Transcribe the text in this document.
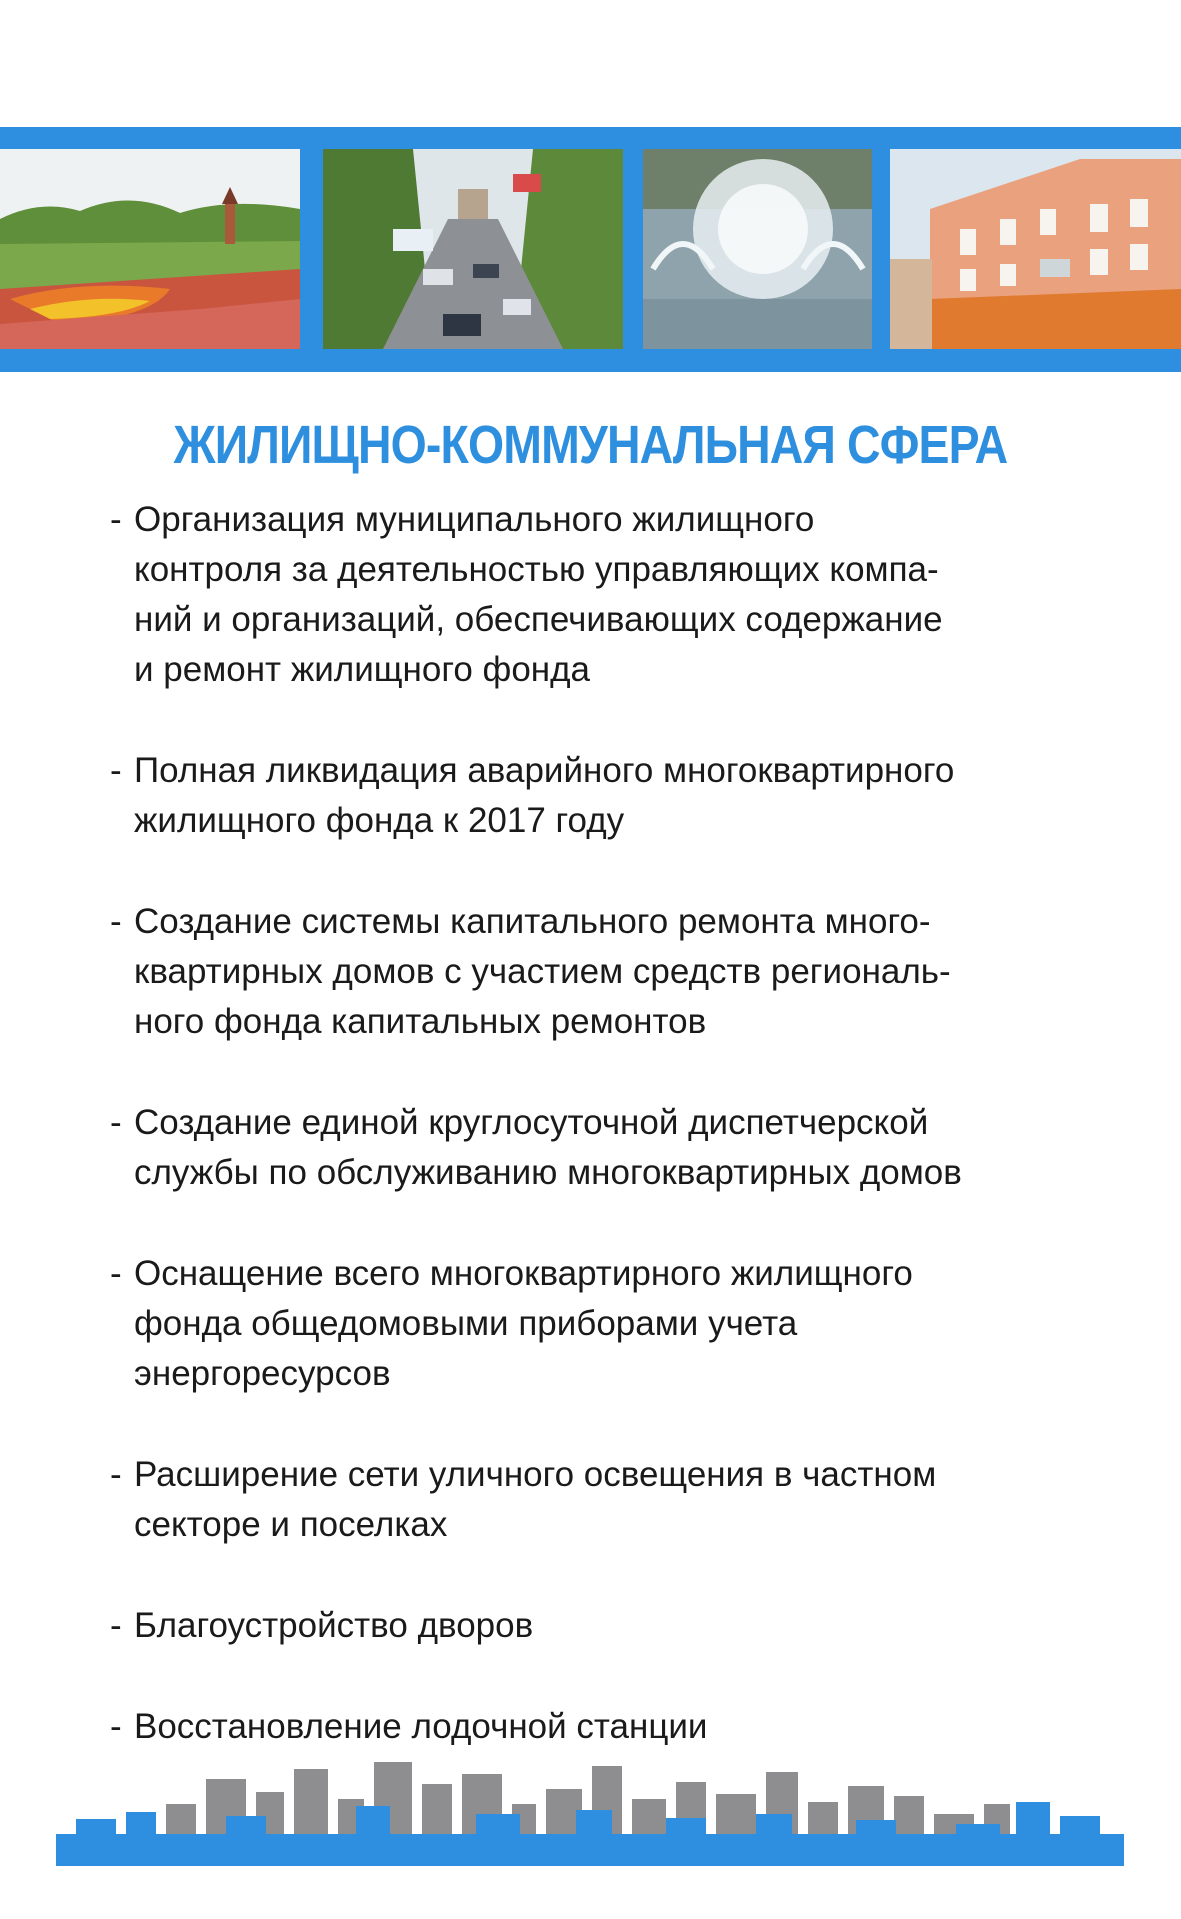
ЖИЛИЩНО-КОММУНАЛЬНАЯ СФЕРА
- Организация муниципального жилищного
контроля за деятельностью управляющих компа-
ний и организаций, обеспечивающих содержание
и ремонт жилищного фонда
- Полная ликвидация аварийного многоквартирного
жилищного фонда к 2017 году
- Создание системы капитального ремонта много-
квартирных домов с участием средств региональ-
ного фонда капитальных ремонтов
- Создание единой круглосуточной диспетчерской
службы по обслуживанию многоквартирных домов
- Оснащение всего многоквартирного жилищного
фонда общедомовыми приборами учета
энергоресурсов
- Расширение сети уличного освещения в частном
секторе и поселках
- Благоустройство дворов
- Восстановление лодочной станции
